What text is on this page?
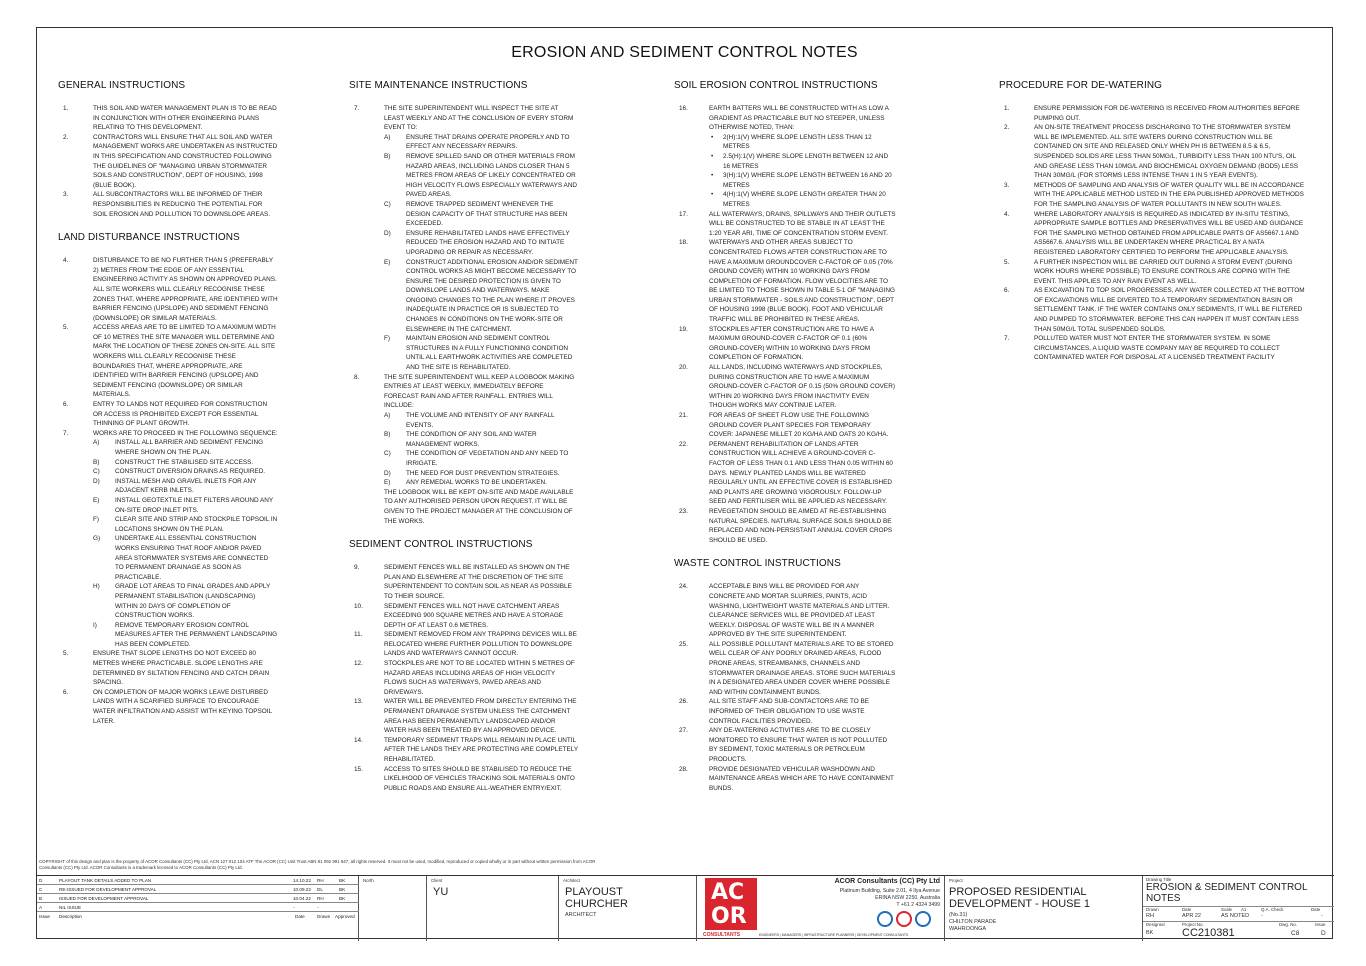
EROSION AND SEDIMENT CONTROL NOTES
GENERAL INSTRUCTIONS
1.	THIS SOIL AND WATER MANAGEMENT PLAN IS TO BE READ IN CONJUNCTION WITH OTHER ENGINEERING PLANS RELATING TO THIS DEVELOPMENT.
2.	CONTRACTORS WILL ENSURE THAT ALL SOIL AND WATER MANAGEMENT WORKS ARE UNDERTAKEN AS INSTRUCTED IN THIS SPECIFICATION AND CONSTRUCTED FOLLOWING THE GUIDELINES OF "MANAGING URBAN STORMWATER SOILS AND CONSTRUCTION", DEPT OF HOUSING, 1998 (BLUE BOOK).
3.	ALL SUBCONTRACTORS WILL BE INFORMED OF THEIR RESPONSIBILITIES IN REDUCING THE POTENTIAL FOR SOIL EROSION AND POLLUTION TO DOWNSLOPE AREAS.
LAND DISTURBANCE INSTRUCTIONS
4.	DISTURBANCE TO BE NO FURTHER THAN 5 (PREFERABLY 2) METRES FROM THE EDGE OF ANY ESSENTIAL ENGINEERING ACTIVITY AS SHOWN ON APPROVED PLANS. ALL SITE WORKERS WILL CLEARLY RECOGNISE THESE ZONES THAT, WHERE APPROPRIATE, ARE IDENTIFIED WITH BARRIER FENCING (UPSLOPE) AND SEDIMENT FENCING (DOWNSLOPE) OR SIMILAR MATERIALS.
5.	ACCESS AREAS ARE TO BE LIMITED TO A MAXIMUM WIDTH OF 10 METRES THE SITE MANAGER WILL DETERMINE AND MARK THE LOCATION OF THESE ZONES ON-SITE. ALL SITE WORKERS WILL CLEARLY RECOGNISE THESE BOUNDARIES THAT, WHERE APPROPRIATE, ARE IDENTIFIED WITH BARRIER FENCING (UPSLOPE) AND SEDIMENT FENCING (DOWNSLOPE) OR SIMILAR MATERIALS.
6.	ENTRY TO LANDS NOT REQUIRED FOR CONSTRUCTION OR ACCESS IS PROHIBITED EXCEPT FOR ESSENTIAL THINNING OF PLANT GROWTH.
7.	WORKS ARE TO PROCEED IN THE FOLLOWING SEQUENCE:
A) INSTALL ALL BARRIER AND SEDIMENT FENCING WHERE SHOWN ON THE PLAN.
B) CONSTRUCT THE STABILISED SITE ACCESS.
C) CONSTRUCT DIVERSION DRAINS AS REQUIRED.
D) INSTALL MESH AND GRAVEL INLETS FOR ANY ADJACENT KERB INLETS.
E) INSTALL GEOTEXTILE INLET FILTERS AROUND ANY ON-SITE DROP INLET PITS.
F) CLEAR SITE AND STRIP AND STOCKPILE TOPSOIL IN LOCATIONS SHOWN ON THE PLAN.
G) UNDERTAKE ALL ESSENTIAL CONSTRUCTION WORKS ENSURING THAT ROOF AND/OR PAVED AREA STORMWATER SYSTEMS ARE CONNECTED TO PERMANENT DRAINAGE AS SOON AS PRACTICABLE.
H) GRADE LOT AREAS TO FINAL GRADES AND APPLY PERMANENT STABILISATION (LANDSCAPING) WITHIN 20 DAYS OF COMPLETION OF CONSTRUCTION WORKS.
I)	REMOVE TEMPORARY EROSION CONTROL MEASURES AFTER THE PERMANENT LANDSCAPING HAS BEEN COMPLETED.
5.	ENSURE THAT SLOPE LENGTHS DO NOT EXCEED 80 METRES WHERE PRACTICABLE. SLOPE LENGTHS ARE DETERMINED BY SILTATION FENCING AND CATCH DRAIN SPACING.
6.	ON COMPLETION OF MAJOR WORKS LEAVE DISTURBED LANDS WITH A SCARIFIED SURFACE TO ENCOURAGE WATER INFILTRATION AND ASSIST WITH KEYING TOPSOIL LATER.
SITE MAINTENANCE INSTRUCTIONS
7.	THE SITE SUPERINTENDENT WILL INSPECT THE SITE AT LEAST WEEKLY AND AT THE CONCLUSION OF EVERY STORM EVENT TO:
A) ENSURE THAT DRAINS OPERATE PROPERLY AND TO EFFECT ANY NECESSARY REPAIRS.
B) REMOVE SPILLED SAND OR OTHER MATERIALS FROM HAZARD AREAS, INCLUDING LANDS CLOSER THAN 5 METRES FROM AREAS OF LIKELY CONCENTRATED OR HIGH VELOCITY FLOWS ESPECIALLY WATERWAYS AND PAVED AREAS.
C) REMOVE TRAPPED SEDIMENT WHENEVER THE DESIGN CAPACITY OF THAT STRUCTURE HAS BEEN EXCEEDED.
D) ENSURE REHABILITATED LANDS HAVE EFFECTIVELY REDUCED THE EROSION HAZARD AND TO INITIATE UPGRADING OR REPAIR AS NECESSARY.
E) CONSTRUCT ADDITIONAL EROSION AND/OR SEDIMENT CONTROL WORKS AS MIGHT BECOME NECESSARY TO ENSURE THE DESIRED PROTECTION IS GIVEN TO DOWNSLOPE LANDS AND WATERWAYS. MAKE ONGOING CHANGES TO THE PLAN WHERE IT PROVES INADEQUATE IN PRACTICE OR IS SUBJECTED TO CHANGES IN CONDITIONS ON THE WORK-SITE OR ELSEWHERE IN THE CATCHMENT.
F) MAINTAIN EROSION AND SEDIMENT CONTROL STRUCTURES IN A FULLY FUNCTIONING CONDITION UNTIL ALL EARTHWORK ACTIVITIES ARE COMPLETED AND THE SITE IS REHABILITATED.
8.	THE SITE SUPERINTENDENT WILL KEEP A LOGBOOK MAKING ENTRIES AT LEAST WEEKLY, IMMEDIATELY BEFORE FORECAST RAIN AND AFTER RAINFALL. ENTRIES WILL INCLUDE:
A) THE VOLUME AND INTENSITY OF ANY RAINFALL EVENTS.
B) THE CONDITION OF ANY SOIL AND WATER MANAGEMENT WORKS.
C) THE CONDITION OF VEGETATION AND ANY NEED TO IRRIGATE.
D) THE NEED FOR DUST PREVENTION STRATEGIES.
E) ANY REMEDIAL WORKS TO BE UNDERTAKEN.
THE LOGBOOK WILL BE KEPT ON-SITE AND MADE AVAILABLE TO ANY AUTHORISED PERSON UPON REQUEST. IT WILL BE GIVEN TO THE PROJECT MANAGER AT THE CONCLUSION OF THE WORKS.
SEDIMENT CONTROL INSTRUCTIONS
9.	SEDIMENT FENCES WILL BE INSTALLED AS SHOWN ON THE PLAN AND ELSEWHERE AT THE DISCRETION OF THE SITE SUPERINTENDENT TO CONTAIN SOIL AS NEAR AS POSSIBLE TO THEIR SOURCE.
10.	SEDIMENT FENCES WILL NOT HAVE CATCHMENT AREAS EXCEEDING 900 SQUARE METRES AND HAVE A STORAGE DEPTH OF AT LEAST 0.6 METRES.
11.	SEDIMENT REMOVED FROM ANY TRAPPING DEVICES WILL BE RELOCATED WHERE FURTHER POLLUTION TO DOWNSLOPE LANDS AND WATERWAYS CANNOT OCCUR.
12.	STOCKPILES ARE NOT TO BE LOCATED WITHIN 5 METRES OF HAZARD AREAS INCLUDING AREAS OF HIGH VELOCITY FLOWS SUCH AS WATERWAYS, PAVED AREAS AND DRIVEWAYS.
13.	WATER WILL BE PREVENTED FROM DIRECTLY ENTERING THE PERMANENT DRAINAGE SYSTEM UNLESS THE CATCHMENT AREA HAS BEEN PERMANENTLY LANDSCAPED AND/OR WATER HAS BEEN TREATED BY AN APPROVED DEVICE.
14.	TEMPORARY SEDIMENT TRAPS WILL REMAIN IN PLACE UNTIL AFTER THE LANDS THEY ARE PROTECTING ARE COMPLETELY REHABILITATED.
15.	ACCESS TO SITES SHOULD BE STABILISED TO REDUCE THE LIKELIHOOD OF VEHICLES TRACKING SOIL MATERIALS ONTO PUBLIC ROADS AND ENSURE ALL-WEATHER ENTRY/EXIT.
SOIL EROSION CONTROL INSTRUCTIONS
16.	EARTH BATTERS WILL BE CONSTRUCTED WITH AS LOW A GRADIENT AS PRACTICABLE BUT NO STEEPER, UNLESS OTHERWISE NOTED, THAN:
• 2(H):1(V) WHERE SLOPE LENGTH LESS THAN 12 METRES
• 2.5(H):1(V) WHERE SLOPE LENGTH BETWEEN 12 AND 16 METRES
• 3(H):1(V) WHERE SLOPE LENGTH BETWEEN 16 AND 20 METRES
• 4(H):1(V) WHERE SLOPE LENGTH GREATER THAN 20 METRES
17.	ALL WATERWAYS, DRAINS, SPILLWAYS AND THEIR OUTLETS WILL BE CONSTRUCTED TO BE STABLE IN AT LEAST THE 1:20 YEAR ARI, TIME OF CONCENTRATION STORM EVENT.
18.	WATERWAYS AND OTHER AREAS SUBJECT TO CONCENTRATED FLOWS AFTER CONSTRUCTION ARE TO HAVE A MAXIMUM GROUNDCOVER C-FACTOR OF 0.05 (70% GROUND COVER) WITHIN 10 WORKING DAYS FROM COMPLETION OF FORMATION. FLOW VELOCITIES ARE TO BE LIMITED TO THOSE SHOWN IN TABLE 5-1 OF "MANAGING URBAN STORMWATER - SOILS AND CONSTRUCTION", DEPT OF HOUSING 1998 (BLUE BOOK). FOOT AND VEHICULAR TRAFFIC WILL BE PROHIBITED IN THESE AREAS.
19.	STOCKPILES AFTER CONSTRUCTION ARE TO HAVE A MAXIMUM GROUND-COVER C-FACTOR OF 0.1 (60% GROUND-COVER) WITHIN 10 WORKING DAYS FROM COMPLETION OF FORMATION.
20.	ALL LANDS, INCLUDING WATERWAYS AND STOCKPILES, DURING CONSTRUCTION ARE TO HAVE A MAXIMUM GROUND-COVER C-FACTOR OF 0.15 (50% GROUND COVER) WITHIN 20 WORKING DAYS FROM INACTIVITY EVEN THOUGH WORKS MAY CONTINUE LATER.
21.	FOR AREAS OF SHEET FLOW USE THE FOLLOWING GROUND COVER PLANT SPECIES FOR TEMPORARY COVER: JAPANESE MILLET 20 KG/HA AND OATS 20 KG/HA.
22.	PERMANENT REHABILITATION OF LANDS AFTER CONSTRUCTION WILL ACHIEVE A GROUND-COVER C-FACTOR OF LESS THAN 0.1 AND LESS THAN 0.05 WITHIN 60 DAYS. NEWLY PLANTED LANDS WILL BE WATERED REGULARLY UNTIL AN EFFECTIVE COVER IS ESTABLISHED AND PLANTS ARE GROWING VIGOROUSLY. FOLLOW-UP SEED AND FERTILISER WILL BE APPLIED AS NECESSARY.
23.	REVEGETATION SHOULD BE AIMED AT RE-ESTABLISHING NATURAL SPECIES. NATURAL SURFACE SOILS SHOULD BE REPLACED AND NON-PERSISTANT ANNUAL COVER CROPS SHOULD BE USED.
WASTE CONTROL INSTRUCTIONS
24.	ACCEPTABLE BINS WILL BE PROVIDED FOR ANY CONCRETE AND MORTAR SLURRIES, PAINTS, ACID WASHING, LIGHTWEIGHT WASTE MATERIALS AND LITTER. CLEARANCE SERVICES WILL BE PROVIDED AT LEAST WEEKLY. DISPOSAL OF WASTE WILL BE IN A MANNER APPROVED BY THE SITE SUPERINTENDENT.
25.	ALL POSSIBLE POLLUTANT MATERIALS ARE TO BE STORED WELL CLEAR OF ANY POORLY DRAINED AREAS, FLOOD PRONE AREAS, STREAMBANKS, CHANNELS AND STORMWATER DRAINAGE AREAS. STORE SUCH MATERIALS IN A DESIGNATED AREA UNDER COVER WHERE POSSIBLE AND WITHIN CONTAINMENT BUNDS.
26.	ALL SITE STAFF AND SUB-CONTACTORS ARE TO BE INFORMED OF THEIR OBLIGATION TO USE WASTE CONTROL FACILITIES PROVIDED.
27.	ANY DE-WATERING ACTIVITIES ARE TO BE CLOSELY MONITORED TO ENSURE THAT WATER IS NOT POLLUTED BY SEDIMENT, TOXIC MATERIALS OR PETROLEUM PRODUCTS.
28.	PROVIDE DESIGNATED VEHICULAR WASHDOWN AND MAINTENANCE AREAS WHICH ARE TO HAVE CONTAINMENT BUNDS.
PROCEDURE FOR DE-WATERING
1.	ENSURE PERMISSION FOR DE-WATERING IS RECEIVED FROM AUTHORITIES BEFORE PUMPING OUT.
2.	AN ON-SITE TREATMENT PROCESS DISCHARGING TO THE STORMWATER SYSTEM WILL BE IMPLEMENTED. ALL SITE WATERS DURING CONSTRUCTION WILL BE CONTAINED ON SITE AND RELEASED ONLY WHEN PH IS BETWEEN 8.5 & 6.5, SUSPENDED SOLIDS ARE LESS THAN 50MG/L, TURBIDITY LESS THAN 100 NTU'S, OIL AND GREASE LESS THAN 10MG/L AND BIOCHEMICAL OXYGEN DEMAND (BOD5) LESS THAN 30MG/L (FOR STORMS LESS INTENSE THAN 1 IN 5 YEAR EVENTS).
3.	METHODS OF SAMPLING AND ANALYSIS OF WATER QUALITY WILL BE IN ACCORDANCE WITH THE APPLICABLE METHOD LISTED IN THE EPA PUBLISHED APPROVED METHODS FOR THE SAMPLING ANALYSIS OF WATER POLLUTANTS IN NEW SOUTH WALES.
4.	WHERE LABORATORY ANALYSIS IS REQUIRED AS INDICATED BY IN-SITU TESTING, APPROPRIATE SAMPLE BOTTLES AND PRESERVATIVES WILL BE USED AND GUIDANCE FOR THE SAMPLING METHOD OBTAINED FROM APPLICABLE PARTS OF AS5667.1 AND AS5667.6. ANALYSIS WILL BE UNDERTAKEN WHERE PRACTICAL BY A NATA REGISTERED LABORATORY CERTIFIED TO PERFORM THE APPLICABLE ANALYSIS.
5.	A FURTHER INSPECTION WILL BE CARRIED OUT DURING A STORM EVENT (DURING WORK HOURS WHERE POSSIBLE) TO ENSURE CONTROLS ARE COPING WITH THE EVENT. THIS APPLIES TO ANY RAIN EVENT AS WELL.
6.	AS EXCAVATION TO TOP SOIL PROGRESSES, ANY WATER COLLECTED AT THE BOTTOM OF EXCAVATIONS WILL BE DIVERTED TO A TEMPORARY SEDIMENTATION BASIN OR SETTLEMENT TANK. IF THE WATER CONTAINS ONLY SEDIMENTS, IT WILL BE FILTERED AND PUMPED TO STORMWATER. BEFORE THIS CAN HAPPEN IT MUST CONTAIN LESS THAN 50MG/L TOTAL SUSPENDED SOLIDS.
7.	POLLUTED WATER MUST NOT ENTER THE STORMWATER SYSTEM. IN SOME CIRCUMSTANCES, A LIQUID WASTE COMPANY MAY BE REQUIRED TO COLLECT CONTAMINATED WATER FOR DISPOSAL AT A LICENSED TREATMENT FACILITY
COPYRIGHT of this design and plan is the property of ACOR Consultants (CC) Pty Ltd, ACN 127 012 104 ATF The ACOR (CC) Unit Trust ABN 81 092 991 947, all rights reserved. It must not be used, modified, reproduced or copied wholly or in part without written permission from ACOR Consultants (CC) Pty Ltd. ACOR Consultants is a trademark licensed to ACOR Consultants (CC) Pty Ltd.
D	PLAYOUT TANK DETAILS ADDED TO PLAN	14.10.22 RH	BK
C	RE-ISSUED FOR DEVELOPMENT APPROVAL	10.09.22 DL	BK
B	ISSUED FOR DEVELOPMENT APPROVAL	10.04.22 RH	BK
A	NIL ISSUE	-	-
Issue Description	Date	Drawn Approved
North	Client
YU
Architect
PLAYOUST
CHURCHER
ARCHITECT
AC
OR
CONSULTANTS	ENGINEERS | MANAGERS | INFRASTRUCTURE PLANNERS | DEVELOPMENT CONSULTANTS
ACOR Consultants (CC) Pty Ltd
Platinum Building, Suite 2.01, 4 Ilya Avenue
ERINA NSW 2250, Australia
T +61 2 4324 3499
Project
PROPOSED RESIDENTIAL
DEVELOPMENT - HOUSE 1
(No.31)
CHILTON PARADE
WAHROONGA
Drawing Title
EROSION & SEDIMENT CONTROL
NOTES
Drawn
RH
Date
APR 22
Scale A1
AS NOTED
Q.A. Check
-
Date
-
Designed
BK
Project No.
CC210381
Dwg. No.
C8
Issue
D
